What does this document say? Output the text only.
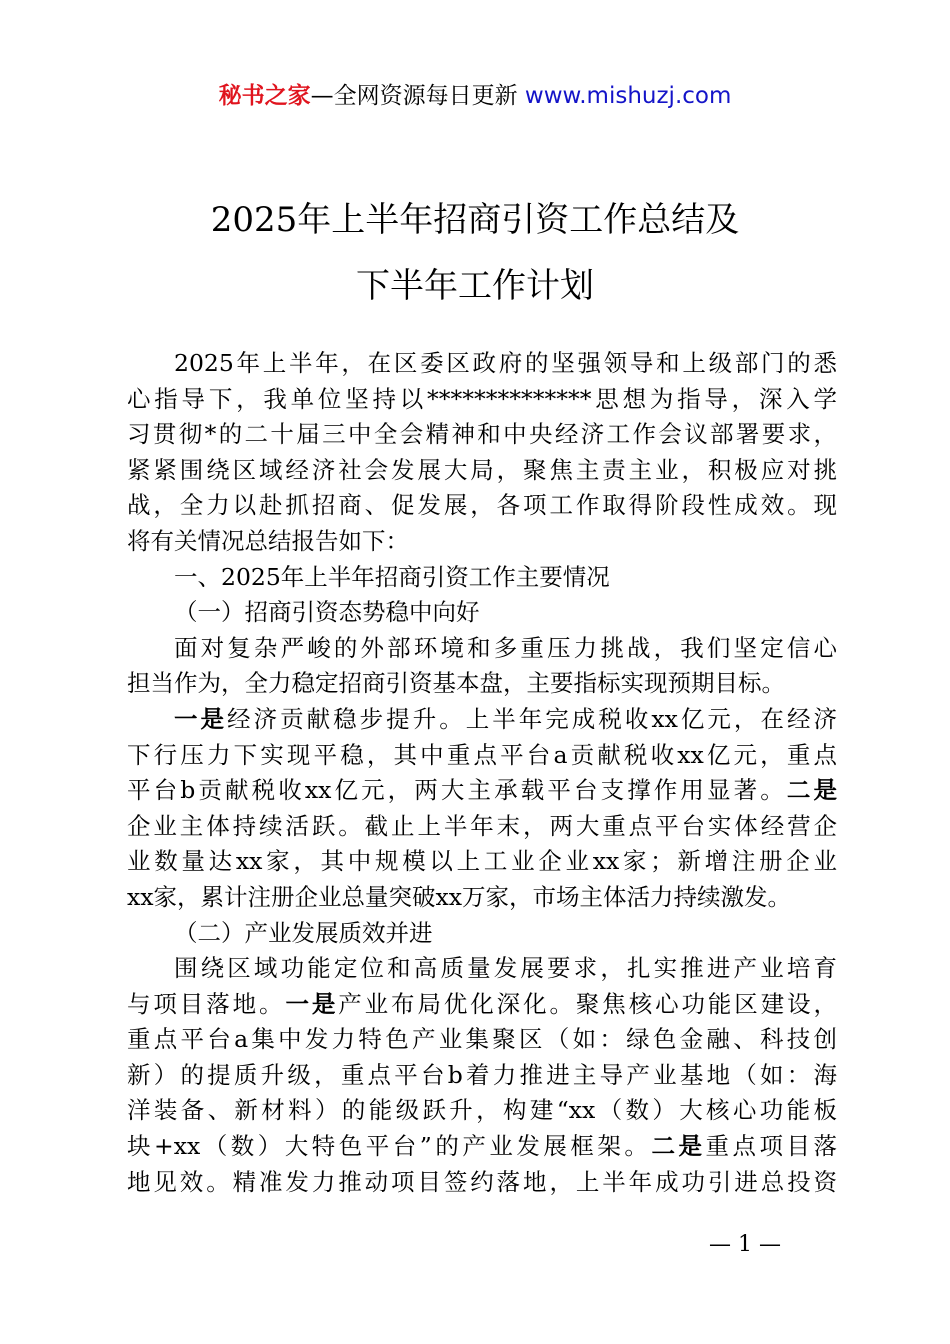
秘书之家—全网资源每日更新 www.mishuzj.com
2025年上半年招商引资工作总结及
下半年工作计划
2025年上半年，在区委区政府的坚强领导和上级部门的悉
心指导下，我单位坚持以**************思想为指导，深入学
习贯彻*的二十届三中全会精神和中央经济工作会议部署要求，
紧紧围绕区域经济社会发展大局，聚焦主责主业，积极应对挑
战，全力以赴抓招商、促发展，各项工作取得阶段性成效。现
将有关情况总结报告如下：
一、2025年上半年招商引资工作主要情况
（一）招商引资态势稳中向好
面对复杂严峻的外部环境和多重压力挑战，我们坚定信心
担当作为，全力稳定招商引资基本盘，主要指标实现预期目标。
一是经济贡献稳步提升。上半年完成税收xx亿元，在经济
下行压力下实现平稳，其中重点平台a贡献税收xx亿元，重点
平台b贡献税收xx亿元，两大主承载平台支撑作用显著。二是
企业主体持续活跃。截止上半年末，两大重点平台实体经营企
业数量达xx家，其中规模以上工业企业xx家；新增注册企业
xx家，累计注册企业总量突破xx万家，市场主体活力持续激发。
（二）产业发展质效并进
围绕区域功能定位和高质量发展要求，扎实推进产业培育
与项目落地。一是产业布局优化深化。聚焦核心功能区建设，
重点平台a集中发力特色产业集聚区（如：绿色金融、科技创
新）的提质升级，重点平台b着力推进主导产业基地（如：海
洋装备、新材料）的能级跃升，构建“xx（数）大核心功能板
块+xx（数）大特色平台”的产业发展框架。二是重点项目落
地见效。精准发力推动项目签约落地，上半年成功引进总投资
— 1 —
